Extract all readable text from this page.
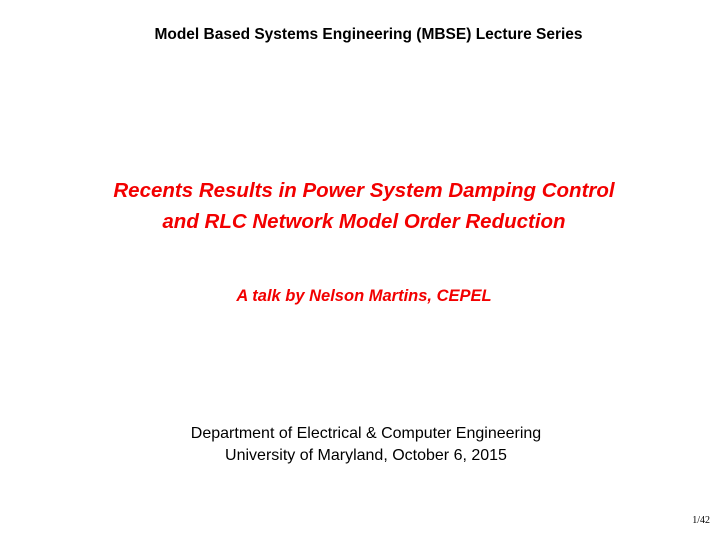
Model Based Systems Engineering (MBSE) Lecture Series
Recents Results in Power System Damping Control
and RLC Network Model Order Reduction
A talk by Nelson Martins, CEPEL
Department of Electrical & Computer Engineering
University of Maryland, October 6, 2015
1/42
